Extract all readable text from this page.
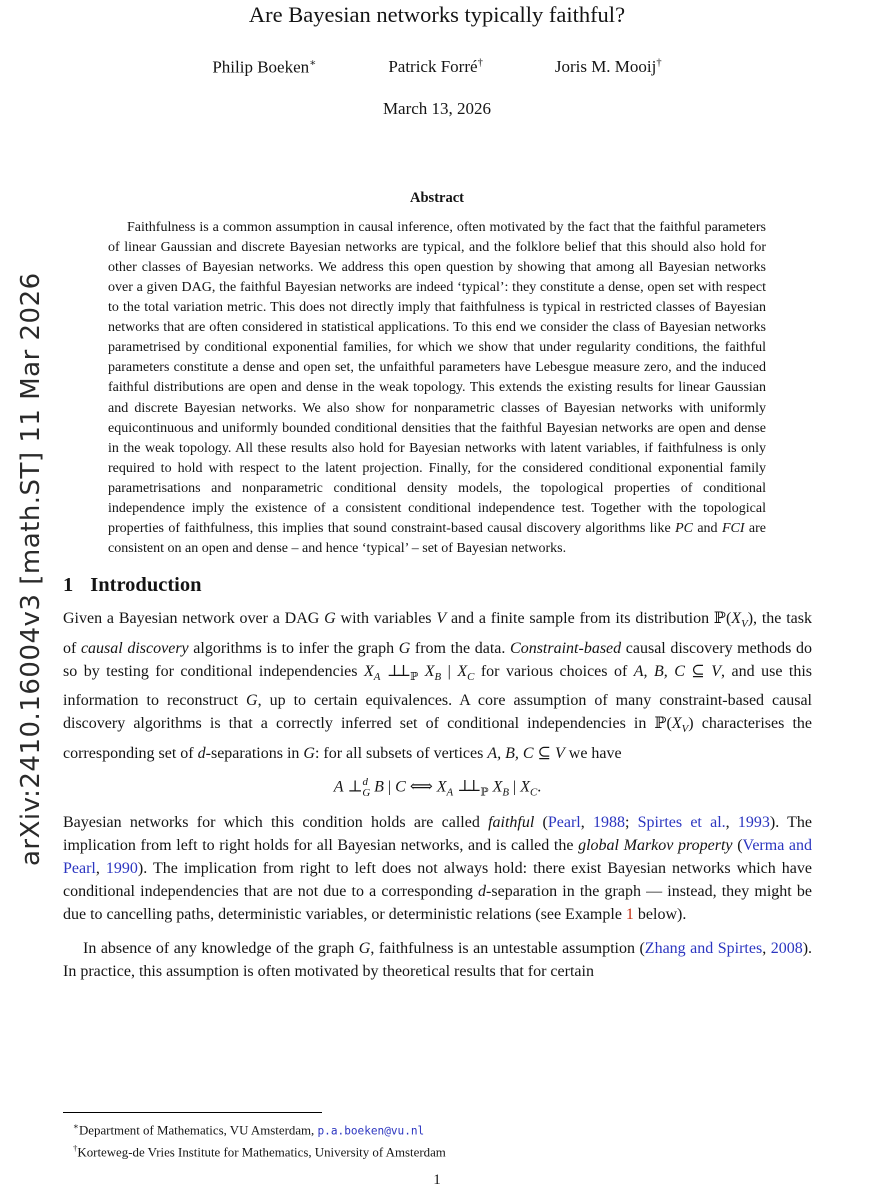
arXiv:2410.16004v3 [math.ST] 11 Mar 2026
Are Bayesian networks typically faithful?
Philip Boeken∗	Patrick Forré†	Joris M. Mooij†
March 13, 2026
Abstract

Faithfulness is a common assumption in causal inference, often motivated by the fact that the faithful parameters of linear Gaussian and discrete Bayesian networks are typical, and the folklore belief that this should also hold for other classes of Bayesian networks. We address this open question by showing that among all Bayesian networks over a given DAG, the faithful Bayesian networks are indeed ‘typical’: they constitute a dense, open set with respect to the total variation metric. This does not directly imply that faithfulness is typical in restricted classes of Bayesian networks that are often considered in statistical applications. To this end we consider the class of Bayesian networks parametrised by conditional exponential families, for which we show that under regularity conditions, the faithful parameters constitute a dense and open set, the unfaithful parameters have Lebesgue measure zero, and the induced faithful distributions are open and dense in the weak topology. This extends the existing results for linear Gaussian and discrete Bayesian networks. We also show for nonparametric classes of Bayesian networks with uniformly equicontinuous and uniformly bounded conditional densities that the faithful Bayesian networks are open and dense in the weak topology. All these results also hold for Bayesian networks with latent variables, if faithfulness is only required to hold with respect to the latent projection. Finally, for the considered conditional exponential family parametrisations and nonparametric conditional density models, the topological properties of conditional independence imply the existence of a consistent conditional independence test. Together with the topological properties of faithfulness, this implies that sound constraint-based causal discovery algorithms like PC and FCI are consistent on an open and dense – and hence ‘typical’ – set of Bayesian networks.

1 Introduction

Given a Bayesian network over a DAG G with variables V and a finite sample from its distribution $ℙ(X_V)$, the task of causal discovery algorithms is to infer the graph G from the data. Constraint-based causal discovery methods do so by testing for conditional independencies $X_A$ ⊥⊥ $_ℙ$ $X_B$ | $X_C$ for various choices of A, B, C ⊆ V, and use this information to reconstruct G, up to certain equivalences. A core assumption of many constraint-based causal discovery algorithms is that a correctly inferred set of conditional independencies in $ℙ(X_V)$ characterises the corresponding set of d-separations in G: for all subsets of vertices A, B, C ⊆ V we have

A ⊥$^d_G$ B | C ⟺ $X_A$ ⊥⊥ $_ℙ$ $X_B$ | $X_C$.

Bayesian networks for which this condition holds are called faithful (Pearl, 1988; Spirtes et al., 1993). The implication from left to right holds for all Bayesian networks, and is called the global Markov property (Verma and Pearl, 1990). The implication from right to left does not always hold: there exist Bayesian networks which have conditional independencies that are not due to a corresponding d-separation in the graph — instead, they might be due to cancelling paths, deterministic variables, or deterministic relations (see Example 1 below).

In absence of any knowledge of the graph G, faithfulness is an untestable assumption (Zhang and Spirtes, 2008). In practice, this assumption is often motivated by theoretical results that for certain

∗Department of Mathematics, VU Amsterdam, p.a.boeken@vu.nl

†Korteweg-de Vries Institute for Mathematics, University of Amsterdam

1
